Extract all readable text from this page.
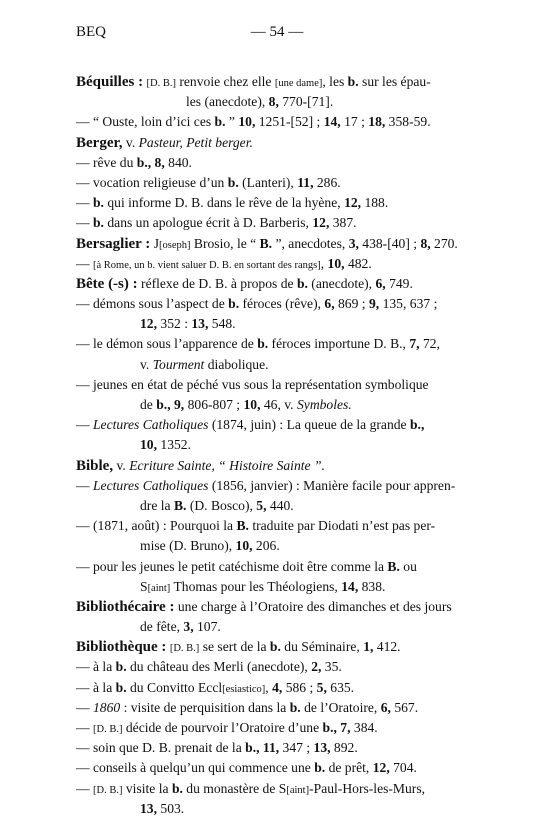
BEQ	— 54 —
Béquilles : [D. B.] renvoie chez elle [une dame], les b. sur les épau-
les (anecdote), 8, 770-[71].
— “ Ouste, loin d’ici ces b. ” 10, 1251-[52] ; 14, 17 ; 18, 358-59.
Berger, v. Pasteur, Petit berger.
— rêve du b., 8, 840.
— vocation religieuse d’un b. (Lanteri), 11, 286.
— b. qui informe D. B. dans le rêve de la hyène, 12, 188.
— b. dans un apologue écrit à D. Barberis, 12, 387.
Bersaglier : J[oseph] Brosio, le “ B. ”, anecdotes, 3, 438-[40] ; 8, 270.
— [à Rome, un b. vient saluer D. B. en sortant des rangs], 10, 482.
Bête (-s) : réflexe de D. B. à propos de b. (anecdote), 6, 749.
— démons sous l’aspect de b. féroces (rêve), 6, 869 ; 9, 135, 637 ;
12, 352 : 13, 548.
— le démon sous l’apparence de b. féroces importune D. B., 7, 72,
v. Tourment diabolique.
— jeunes en état de péché vus sous la représentation symbolique
de b., 9, 806-807 ; 10, 46, v. Symboles.
— Lectures Catholiques (1874, juin) : La queue de la grande b.,
10, 1352.
Bible, v. Ecriture Sainte, “ Histoire Sainte ”.
— Lectures Catholiques (1856, janvier) : Manière facile pour appren-
dre la B. (D. Bosco), 5, 440.
— (1871, août) : Pourquoi la B. traduite par Diodati n’est pas per-
mise (D. Bruno), 10, 206.
— pour les jeunes le petit catéchisme doit être comme la B. ou
S[aint] Thomas pour les Théologiens, 14, 838.
Bibliothécaire : une charge à l’Oratoire des dimanches et des jours
de fête, 3, 107.
Bibliothèque : [D. B.] se sert de la b. du Séminaire, 1, 412.
— à la b. du château des Merli (anecdote), 2, 35.
— à la b. du Convitto Eccl[esiastico], 4, 586 ; 5, 635.
— 1860 : visite de perquisition dans la b. de l’Oratoire, 6, 567.
— [D. B.] décide de pourvoir l’Oratoire d’une b., 7, 384.
— soin que D. B. prenait de la b., 11, 347 ; 13, 892.
— conseils à quelqu’un qui commence une b. de prêt, 12, 704.
— [D. B.] visite la b. du monastère de S[aint]-Paul-Hors-les-Murs,
13, 503.
